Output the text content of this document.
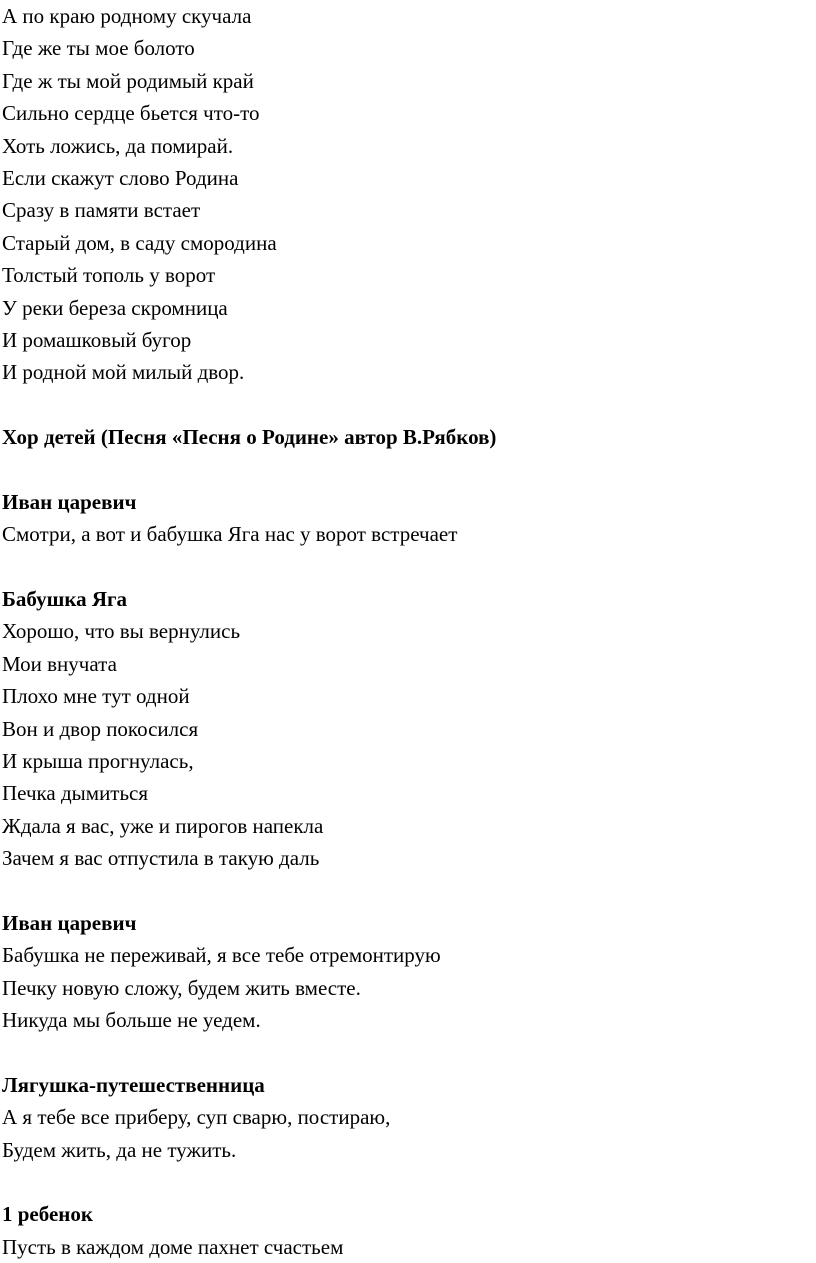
А по краю родному скучала
Где же ты мое болото
Где ж ты мой родимый край
Сильно сердце бьется что-то
Хоть ложись, да помирай.
Если скажут слово Родина
Сразу в памяти встает
Старый дом, в саду смородина
Толстый тополь у ворот
У реки береза скромница
И ромашковый бугор
И родной мой милый двор.
Хор детей (Песня «Песня о Родине» автор В.Рябков)
Иван царевич
Смотри, а вот и бабушка Яга нас у ворот встречает
Бабушка Яга
Хорошо, что вы вернулись
Мои внучата
Плохо мне тут одной
Вон и двор покосился
И крыша прогнулась,
Печка дымиться
Ждала я вас, уже и пирогов напекла
Зачем я вас отпустила в такую даль
Иван царевич
Бабушка не переживай, я все тебе отремонтирую
Печку новую сложу, будем жить вместе.
Никуда мы больше не уедем.
Лягушка-путешественница
А я тебе все приберу, суп сварю, постираю,
Будем жить, да не тужить.
1 ребенок
Пусть в каждом доме пахнет счастьем
